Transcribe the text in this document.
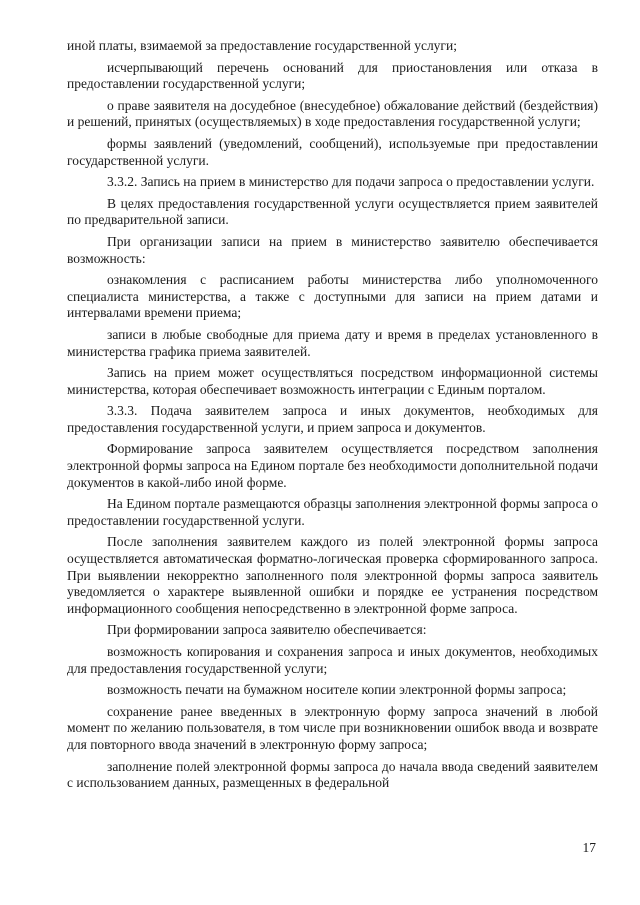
иной платы, взимаемой за предоставление государственной услуги;

исчерпывающий перечень оснований для приостановления или отказа в предоставлении государственной услуги;

о праве заявителя на досудебное (внесудебное) обжалование действий (бездействия) и решений, принятых (осуществляемых) в ходе предоставления государственной услуги;

формы заявлений (уведомлений, сообщений), используемые при предоставлении государственной услуги.

3.3.2. Запись на прием в министерство для подачи запроса о предоставлении услуги.

В целях предоставления государственной услуги осуществляется прием заявителей по предварительной записи.

При организации записи на прием в министерство заявителю обеспечивается возможность:

ознакомления с расписанием работы министерства либо уполномоченного специалиста министерства, а также с доступными для записи на прием датами и интервалами времени приема;

записи в любые свободные для приема дату и время в пределах установленного в министерства графика приема заявителей.

Запись на прием может осуществляться посредством информационной системы министерства, которая обеспечивает возможность интеграции с Единым порталом.

3.3.3. Подача заявителем запроса и иных документов, необходимых для предоставления государственной услуги, и прием запроса и документов.

Формирование запроса заявителем осуществляется посредством заполнения электронной формы запроса на Едином портале без необходимости дополнительной подачи документов в какой-либо иной форме.

На Едином портале размещаются образцы заполнения электронной формы запроса о предоставлении государственной услуги.

После заполнения заявителем каждого из полей электронной формы запроса осуществляется автоматическая форматно-логическая проверка сформированного запроса. При выявлении некорректно заполненного поля электронной формы запроса заявитель уведомляется о характере выявленной ошибки и порядке ее устранения посредством информационного сообщения непосредственно в электронной форме запроса.

При формировании запроса заявителю обеспечивается:

возможность копирования и сохранения запроса и иных документов, необходимых для предоставления государственной услуги;

возможность печати на бумажном носителе копии электронной формы запроса;

сохранение ранее введенных в электронную форму запроса значений в любой момент по желанию пользователя, в том числе при возникновении ошибок ввода и возврате для повторного ввода значений в электронную форму запроса;

заполнение полей электронной формы запроса до начала ввода сведений заявителем с использованием данных, размещенных в федеральной

17
